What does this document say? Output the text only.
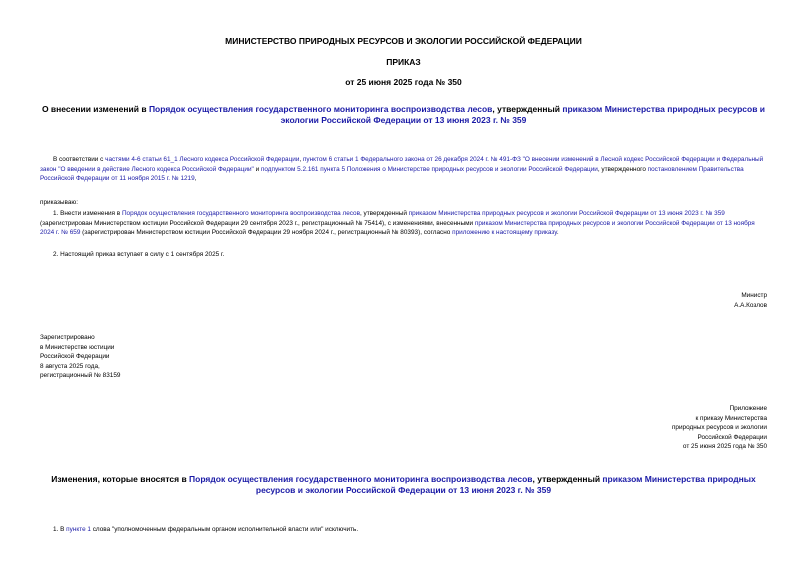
МИНИСТЕРСТВО ПРИРОДНЫХ РЕСУРСОВ И ЭКОЛОГИИ РОССИЙСКОЙ ФЕДЕРАЦИИ
ПРИКАЗ
от 25 июня 2025 года № 350
О внесении изменений в Порядок осуществления государственного мониторинга воспроизводства лесов, утвержденный приказом Министерства природных ресурсов и экологии Российской Федерации от 13 июня 2023 г. № 359
В соответствии с частями 4-6 статьи 61_1 Лесного кодекса Российской Федерации, пунктом 6 статьи 1 Федерального закона от 26 декабря 2024 г. № 491-ФЗ "О внесении изменений в Лесной кодекс Российской Федерации и Федеральный закон "О введении в действие Лесного кодекса Российской Федерации" и подпунктом 5.2.161 пункта 5 Положения о Министерстве природных ресурсов и экологии Российской Федерации, утвержденного постановлением Правительства Российской Федерации от 11 ноября 2015 г. № 1219,
приказываю:
1. Внести изменения в Порядок осуществления государственного мониторинга воспроизводства лесов, утвержденный приказом Министерства природных ресурсов и экологии Российской Федерации от 13 июня 2023 г. № 359 (зарегистрирован Министерством юстиции Российской Федерации 29 сентября 2023 г., регистрационный № 75414), с изменениями, внесенными приказом Министерства природных ресурсов и экологии Российской Федерации от 13 ноября 2024 г. № 659 (зарегистрирован Министерством юстиции Российской Федерации 29 ноября 2024 г., регистрационный № 80393), согласно приложению к настоящему приказу.
2. Настоящий приказ вступает в силу с 1 сентября 2025 г.
Министр
А.А.Козлов
Зарегистрировано
в Министерстве юстиции
Российской Федерации
8 августа 2025 года,
регистрационный № 83159
Приложение
к приказу Министерства
природных ресурсов и экологии
Российской Федерации
от 25 июня 2025 года № 350
Изменения, которые вносятся в Порядок осуществления государственного мониторинга воспроизводства лесов, утвержденный приказом Министерства природных ресурсов и экологии Российской Федерации от 13 июня 2023 г. № 359
1. В пункте 1 слова "уполномоченным федеральным органом исполнительной власти или" исключить.
